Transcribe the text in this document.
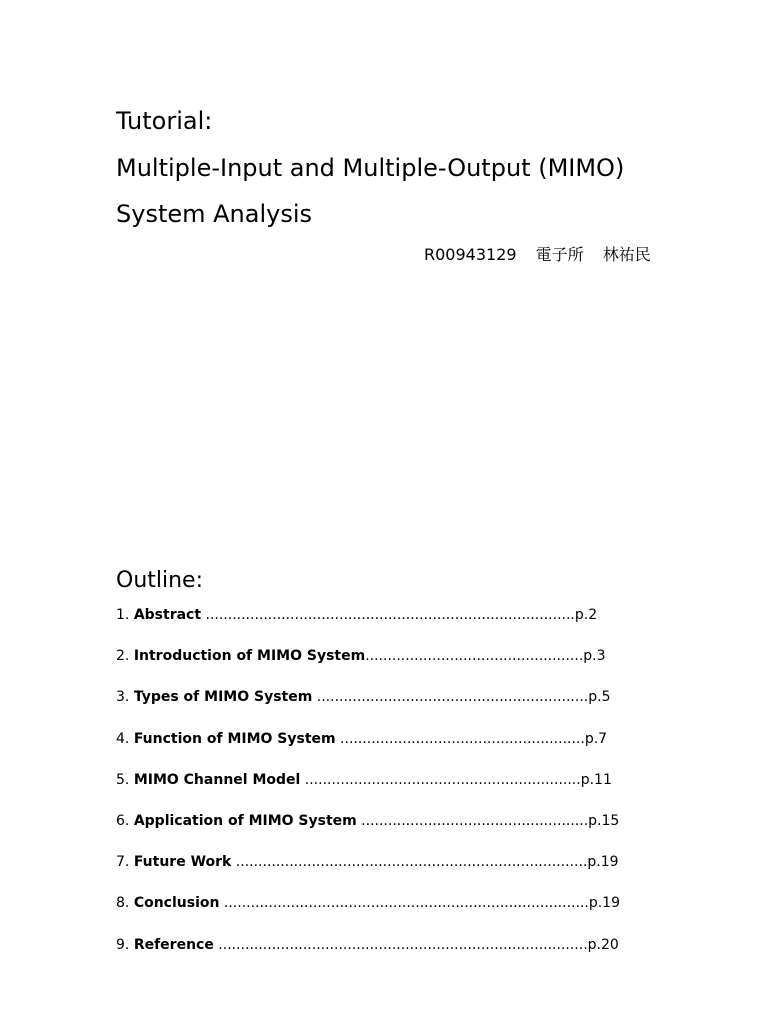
Tutorial:
Multiple-Input and Multiple-Output (MIMO)
System Analysis
R00943129 電子所 林祐民
Outline:
1. Abstract ...................................................................................p.2
2. Introduction of MIMO System.................................................p.3
3. Types of MIMO System .............................................................p.5
4. Function of MIMO System .......................................................p.7
5. MIMO Channel Model ..............................................................p.11
6. Application of MIMO System ...................................................p.15
7. Future Work ...............................................................................p.19
8. Conclusion ..................................................................................p.19
9. Reference ...................................................................................p.20
